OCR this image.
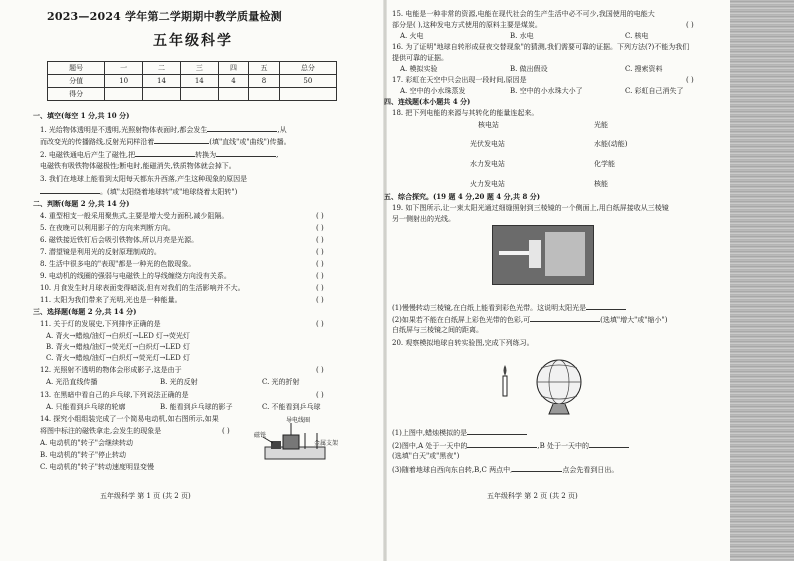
2023—2024 学年第二学期期中教学质量检测
五年级科学
题号	一	二	三	四	五	总分
分值	10	14	14	4	8	50
得分						
一、填空(每空 1 分,共 10 分)
1. 光给物体透明是不透明,光照射物体表面时,都会发生	,从
而改变光的传播路线,反射光同样沿着	(填"直线"或"曲线")传播。
2. 电磁铁通电后产生了磁性,把	转换为	,
电磁铁有吸铁物体磁极性;断电时,能磁消失,铁质物体就会掉下。
3. 我们在地球上能看到太阳每天都东升西落,产生这种现象的原因是
。(填"太阳绕着地球转"或"地球绕着太阳转")
二、判断(每题 2 分,共 14 分)
4. 重型相支一般采用聚焦式,主要是增大受力面积,减少阻隔。	( )
5. 在夜晚可以利用影子的方向来判断方向。	( )
6. 磁铁接近铁钉后会吸引铁物体,所以月亮是光源。	( )
7. 潜望镜是利用光的反射原理制成的。	( )
8. 生活中很多电的"表现"都是一种光的色散现象。	( )
9. 电动机的线圈的强弱与电磁铁上的导线缠绕方向没有关系。	( )
10. 月食发生时月球表面变得暗淡,但有对我们的生活影响并不大。	( )
11. 太阳为我们带来了光明,光也是一种能量。	( )
三、选择题(每题 2 分,共 14 分)
11. 关于灯的发展史,下列排序正确的是	( )
A. 背火→蜡烛/油灯→白炽灯→LED 灯→荧光灯
B. 背火→蜡烛/油灯→荧光灯→白炽灯→LED 灯
C. 背火→蜡烛/油灯→白炽灯→荧光灯→LED 灯
12. 光照射不透明的物体会形成影子,这是由于	( )
A. 光沿直线传播	B. 光的反射	C. 光的折射
13. 在黑暗中看自己的乒乓球,下列说法正确的是	( )
A. 只能看到乒乓球的轮廓	B. 能看到乒乓球的影子	C. 不能看到乒乓球
14. 探究小组组装完成了一个简易电动机,如右图所示,如果
将图中标注的磁铁拿走,会发生的现象是	( )
A. 电动机的"转子"会继续转动
B. 电动机的"转子"停止转动
C. 电动机的"转子"转动速度明显变慢
导电线圈
磁铁
金属支架
五年级科学 第 1 页 (共 2 页)
15. 电能是一种非常的资源,电能在现代社会的生产生活中必不可少,我国使用的电能大
部分是( ),这种发电方式使用的原料主要是煤炭。	( )
A. 火电	B. 水电	C. 核电
16. 为了证明"地球自转形成昼夜交替现象"的猜测,我们需要可靠的证据。下列方法(?)不能为我们
提供可靠的证据。
A. 模拟实验	B. 做出假设	C. 搜索资料
17. 彩虹在天空中只会出现一段时间,原因是	( )
A. 空中的小水珠蒸发	B. 空中的小水珠大小了	C. 彩虹自己消失了
四、连线题(本小题共 4 分)
18. 把下列电能的来源与其转化的能量连起来。
核电站	光能
光伏发电站	水能(动能)
水力发电站	化学能
火力发电站	核能
五、综合探究。(19 题 4 分,20 题 4 分,共 8 分)
19. 如下图所示,让一束太阳光通过细缝照射到三棱镜的一个侧面上,用白纸屏接收从三棱镜
另一侧射出的光线。
(1)慢慢转动三棱镜,在白纸上能看到彩色光带。这说明太阳光是
(2)如果若不能在白纸屏上彩色光带的色彩,可	(选填"增大"或"缩小")
白纸屏与三棱镜之间的距离。
20. 观察模拟地球自转实验图,完成下列练习。
(1)上图中,蜡烛模拟的是
(2)图中,A 处于一天中的	,B 处于一天中的
(选填"白天"或"黑夜")
(3)随着地球自西向东自转,B,C 两点中,	点会先看到日出。
五年级科学 第 2 页 (共 2 页)
